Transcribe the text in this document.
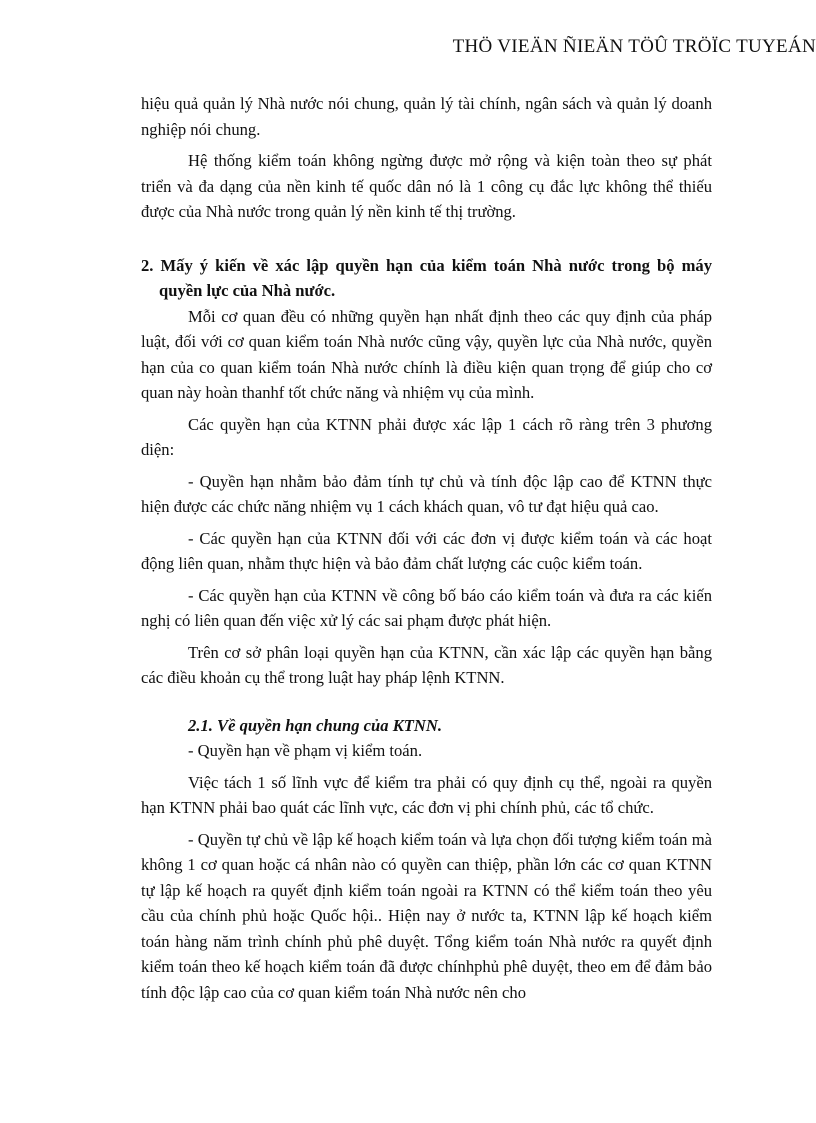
THÖ VIEÄN ÑIEÄN TÖÛ TRÖÏC TUYEÁN

hiệu quả quản lý Nhà nước nói chung, quản lý tài chính, ngân sách và quản lý doanh nghiệp nói chung.

Hệ thống kiểm toán không ngừng được mở rộng và kiện toàn theo sự phát triển và đa dạng của nền kinh tế quốc dân nó là 1 công cụ đắc lực không thể thiếu được của Nhà nước trong quản lý nền kinh tế thị trường.

2. Mấy ý kiến về xác lập quyền hạn của kiểm toán Nhà nước trong bộ máy quyền lực của Nhà nước.

Mỗi cơ quan đều có những quyền hạn nhất định theo các quy định của pháp luật, đối với cơ quan kiểm toán Nhà nước cũng vậy, quyền lực của Nhà nước, quyền hạn của co quan kiểm toán Nhà nước chính là điều kiện quan trọng để giúp cho cơ quan này hoàn thanhf tốt chức năng và nhiệm vụ của mình.

Các quyền hạn của KTNN phải được xác lập 1 cách rõ ràng trên 3 phương diện:

- Quyền hạn nhằm bảo đảm tính tự chủ và tính độc lập cao để KTNN thực hiện được các chức năng nhiệm vụ 1 cách khách quan, vô tư đạt hiệu quả cao.

- Các quyền hạn của KTNN đối với các đơn vị được kiểm toán và các hoạt động liên quan, nhằm thực hiện và bảo đảm chất lượng các cuộc kiểm toán.

- Các quyền hạn của KTNN về công bố báo cáo kiểm toán và đưa ra các kiến nghị có liên quan đến việc xử lý các sai phạm được phát hiện.

Trên cơ sở phân loại quyền hạn của KTNN, cần xác lập các quyền hạn bằng các điều khoản cụ thể trong luật hay pháp lệnh KTNN.

2.1. Về quyền hạn chung của KTNN.

- Quyền hạn về phạm vị kiểm toán.

Việc tách 1 số lĩnh vực để kiểm tra phải có quy định cụ thể, ngoài ra quyền hạn KTNN phải bao quát các lĩnh vực, các đơn vị phi chính phủ, các tổ chức.

- Quyền tự chủ về lập kế hoạch kiểm toán và lựa chọn đối tượng kiểm toán mà không 1 cơ quan hoặc cá nhân nào có quyền can thiệp, phần lớn các cơ quan KTNN tự lập kế hoạch ra quyết định kiểm toán ngoài ra KTNN có thể kiểm toán theo yêu cầu của chính phủ hoặc Quốc hội.. Hiện nay ở nước ta, KTNN lập kế hoạch kiểm toán hàng năm trình chính phủ phê duyệt. Tổng kiểm toán Nhà nước ra quyết định kiểm toán theo kế hoạch kiểm toán đã được chínhphủ phê duyệt, theo em để đảm bảo tính độc lập cao của cơ quan kiểm toán Nhà nước nên cho
